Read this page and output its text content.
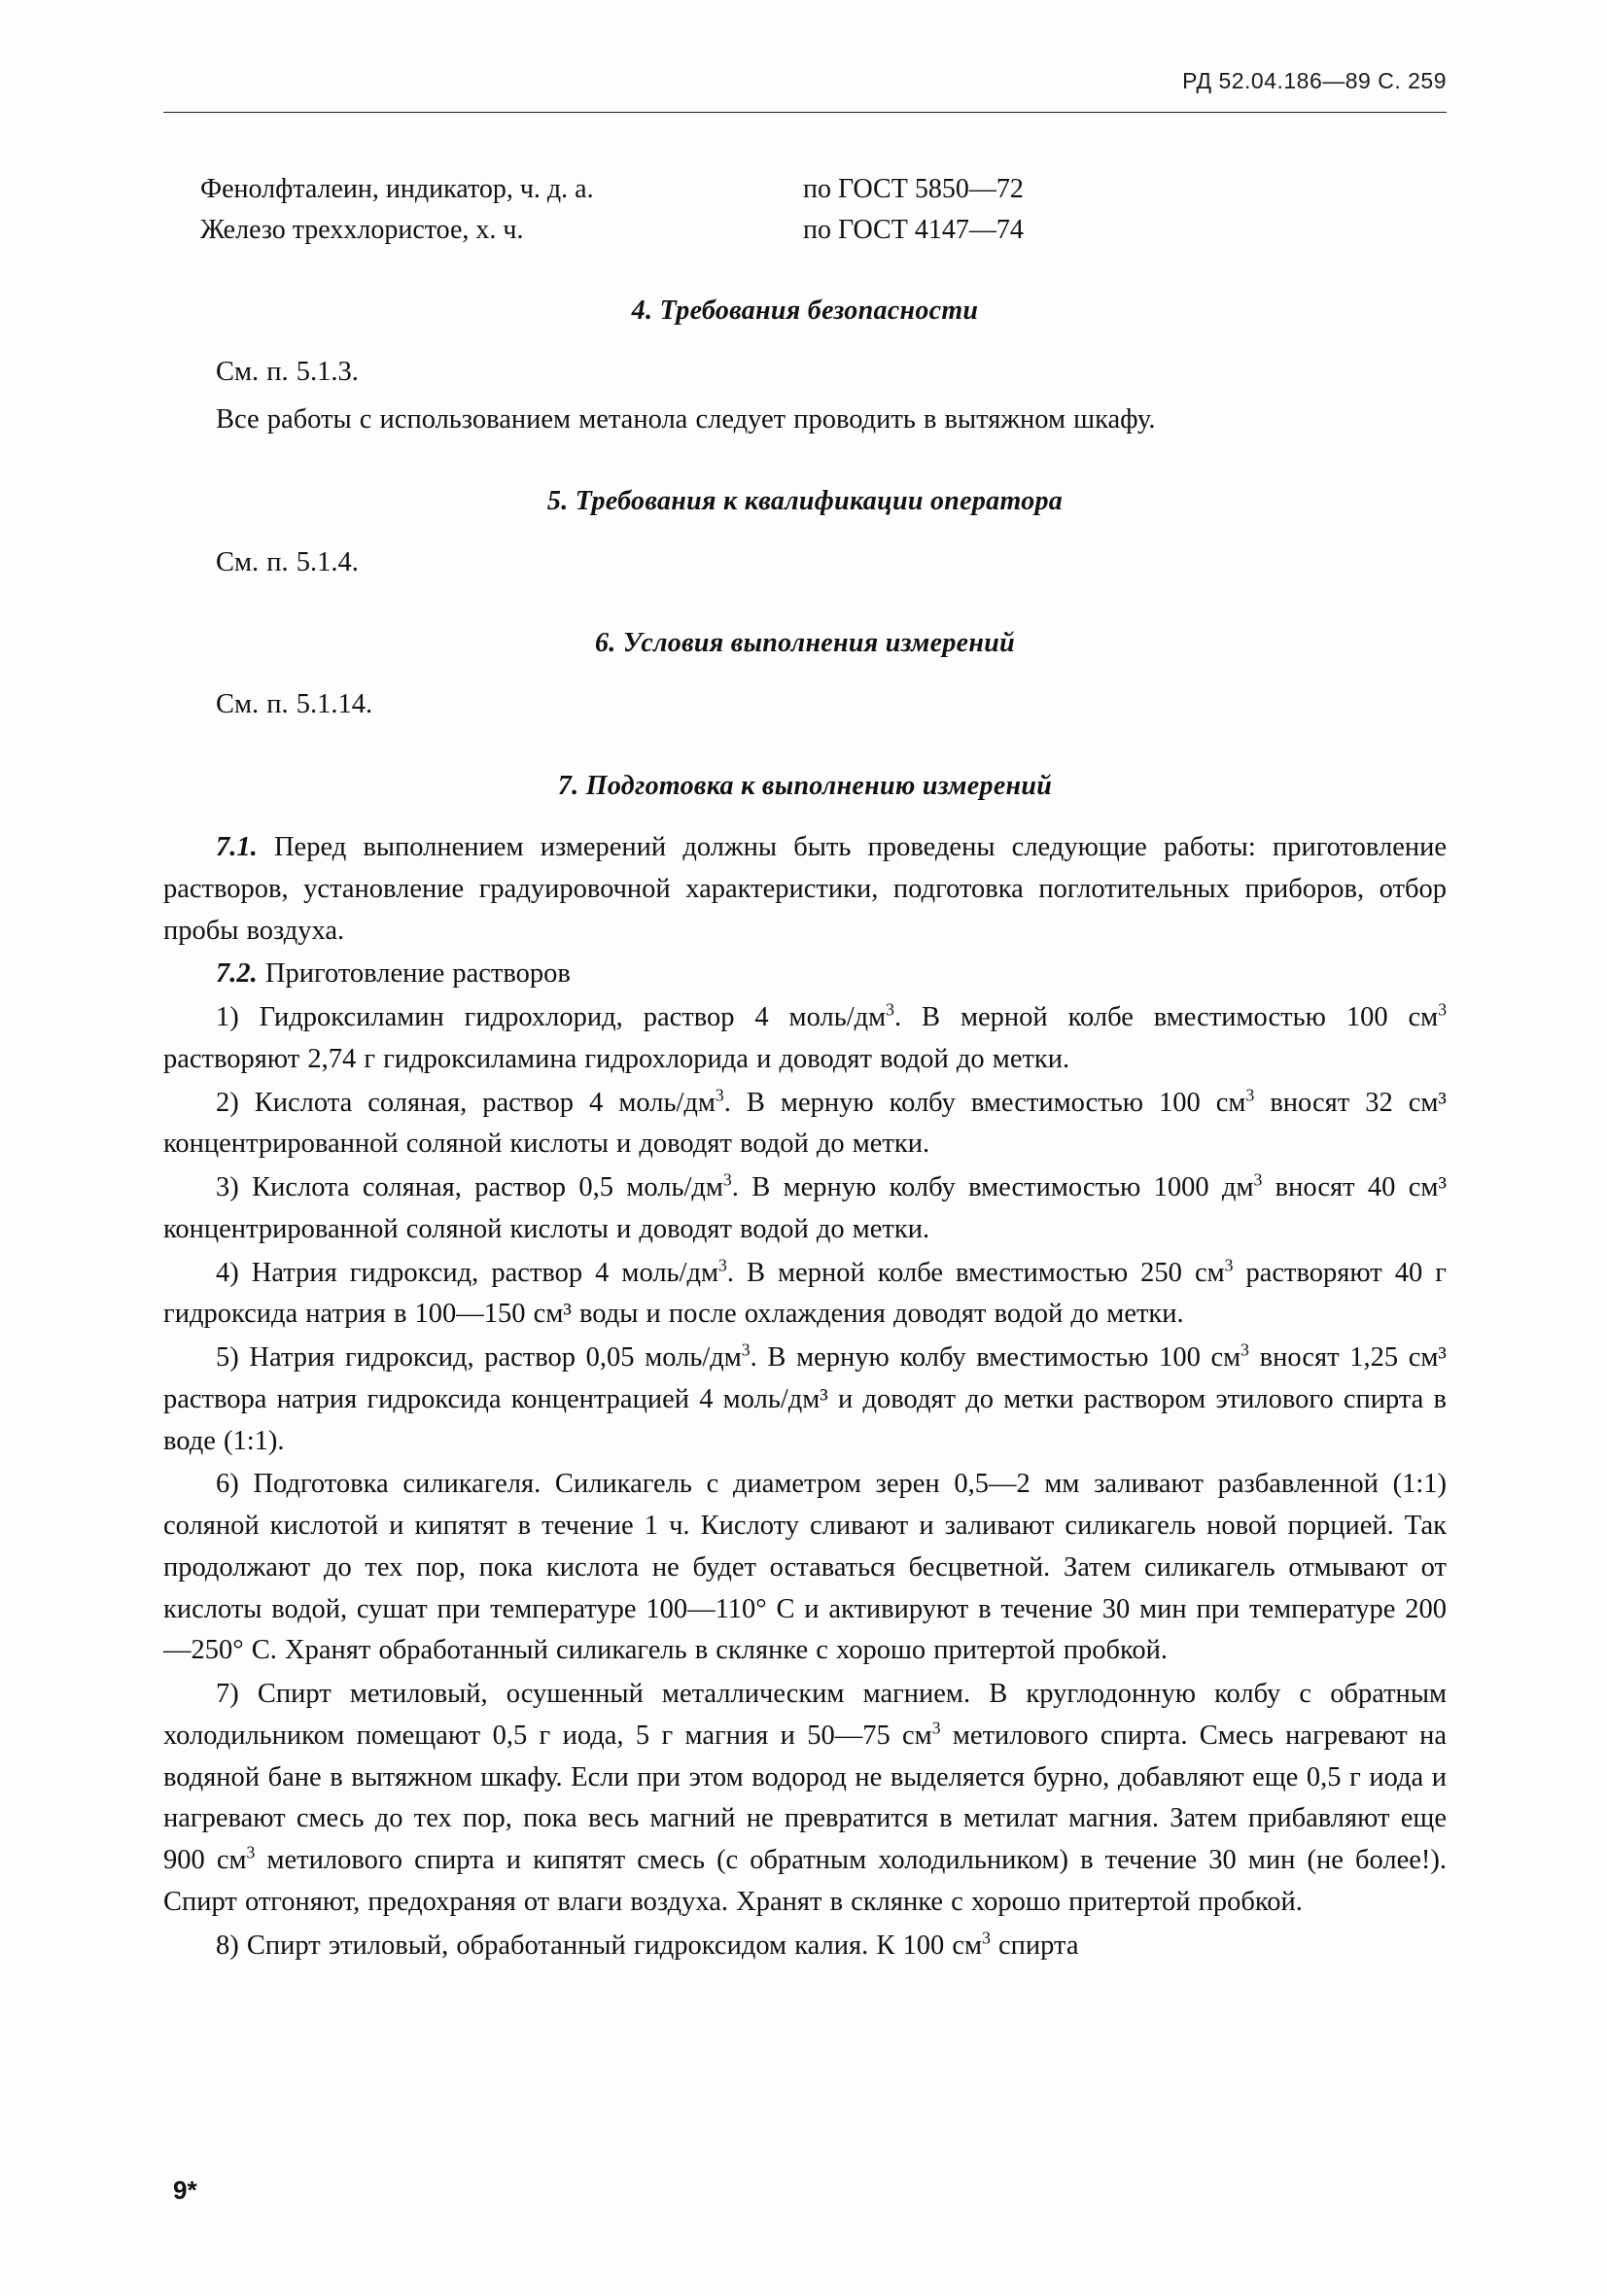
РД 52.04.186—89 С. 259
Фенолфталеин, индикатор, ч. д. а.	по ГОСТ 5850—72
Железо треххлористое, х. ч.	по ГОСТ 4147—74
4. Требования безопасности

См. п. 5.1.3.

Все работы с использованием метанола следует проводить в вытяжном шкафу.

5. Требования к квалификации оператора

См. п. 5.1.4.

6. Условия выполнения измерений

См. п. 5.1.14.

7. Подготовка к выполнению измерений

7.1. Перед выполнением измерений должны быть проведены следующие работы: приготовление растворов, установление градуировочной характеристики, подготовка поглотительных приборов, отбор пробы воздуха.

7.2. Приготовление растворов

1) Гидроксиламин гидрохлорид, раствор 4 моль/$дм^3$. В мерной колбе вместимостью 100 $см^3$ растворяют 2,74 г гидроксиламина гидрохлорида и доводят водой до метки.

2) Кислота соляная, раствор 4 моль/$дм^3$. В мерную колбу вместимостью 100 $см^3$ вносят 32 см³ концентрированной соляной кислоты и доводят водой до метки.

3) Кислота соляная, раствор 0,5 моль/$дм^3$. В мерную колбу вместимостью 1000 $дм^3$ вносят 40 см³ концентрированной соляной кислоты и доводят водой до метки.

4) Натрия гидроксид, раствор 4 моль/$дм^3$. В мерной колбе вместимостью 250 $см^3$ растворяют 40 г гидроксида натрия в 100—150 см³ воды и после охлаждения доводят водой до метки.

5) Натрия гидроксид, раствор 0,05 моль/$дм^3$. В мерную колбу вместимостью 100 $см^3$ вносят 1,25 см³ раствора натрия гидроксида концентрацией 4 моль/дм³ и доводят до метки раствором этилового спирта в воде (1:1).

6) Подготовка силикагеля. Силикагель с диаметром зерен 0,5—2 мм заливают разбавленной (1:1) соляной кислотой и кипятят в течение 1 ч. Кислоту сливают и заливают силикагель новой порцией. Так продолжают до тех пор, пока кислота не будет оставаться бесцветной. Затем силикагель отмывают от кислоты водой, сушат при температуре 100—110° С и активируют в течение 30 мин при температуре 200—250° С. Хранят обработанный силикагель в склянке с хорошо притертой пробкой.

7) Спирт метиловый, осушенный металлическим магнием. В круглодонную колбу с обратным холодильником помещают 0,5 г иода, 5 г магния и 50—75 $см^3$ метилового спирта. Смесь нагревают на водяной бане в вытяжном шкафу. Если при этом водород не выделяется бурно, добавляют еще 0,5 г иода и нагревают смесь до тех пор, пока весь магний не превратится в метилат магния. Затем прибавляют еще 900 $см^3$ метилового спирта и кипятят смесь (с обратным холодильником) в течение 30 мин (не более!). Спирт отгоняют, предохраняя от влаги воздуха. Хранят в склянке с хорошо притертой пробкой.

8) Спирт этиловый, обработанный гидроксидом калия. К 100 $см^3$ спирта

9*
